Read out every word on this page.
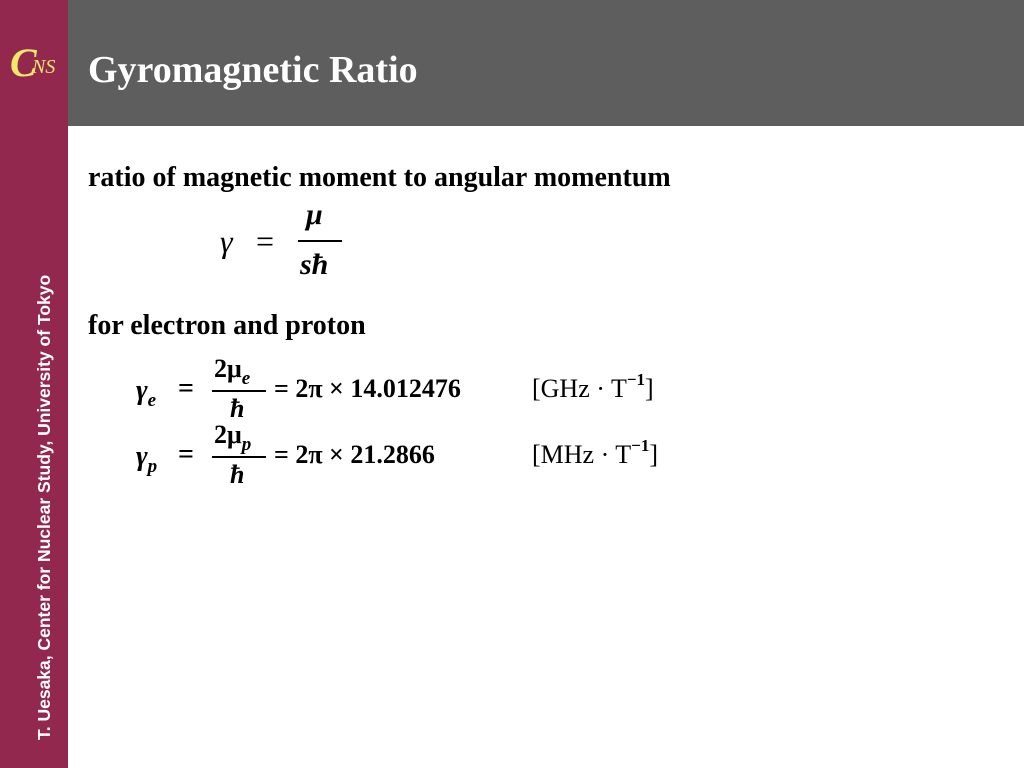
C
NS
T. Uesaka, Center for Nuclear Study, University of Tokyo
Gyromagnetic Ratio
ratio of magnetic moment to angular momentum
γ =
μ
sħ
for electron and proton
$\gamma_e$ =
$2\mu_e$
ħ
= 2π × 14.012476	$[GHz \cdot T^{-1}]$
$\gamma_p$ =
$2\mu_p$
ħ
= 2π × 21.2866	$[MHz \cdot T^{-1}]$
